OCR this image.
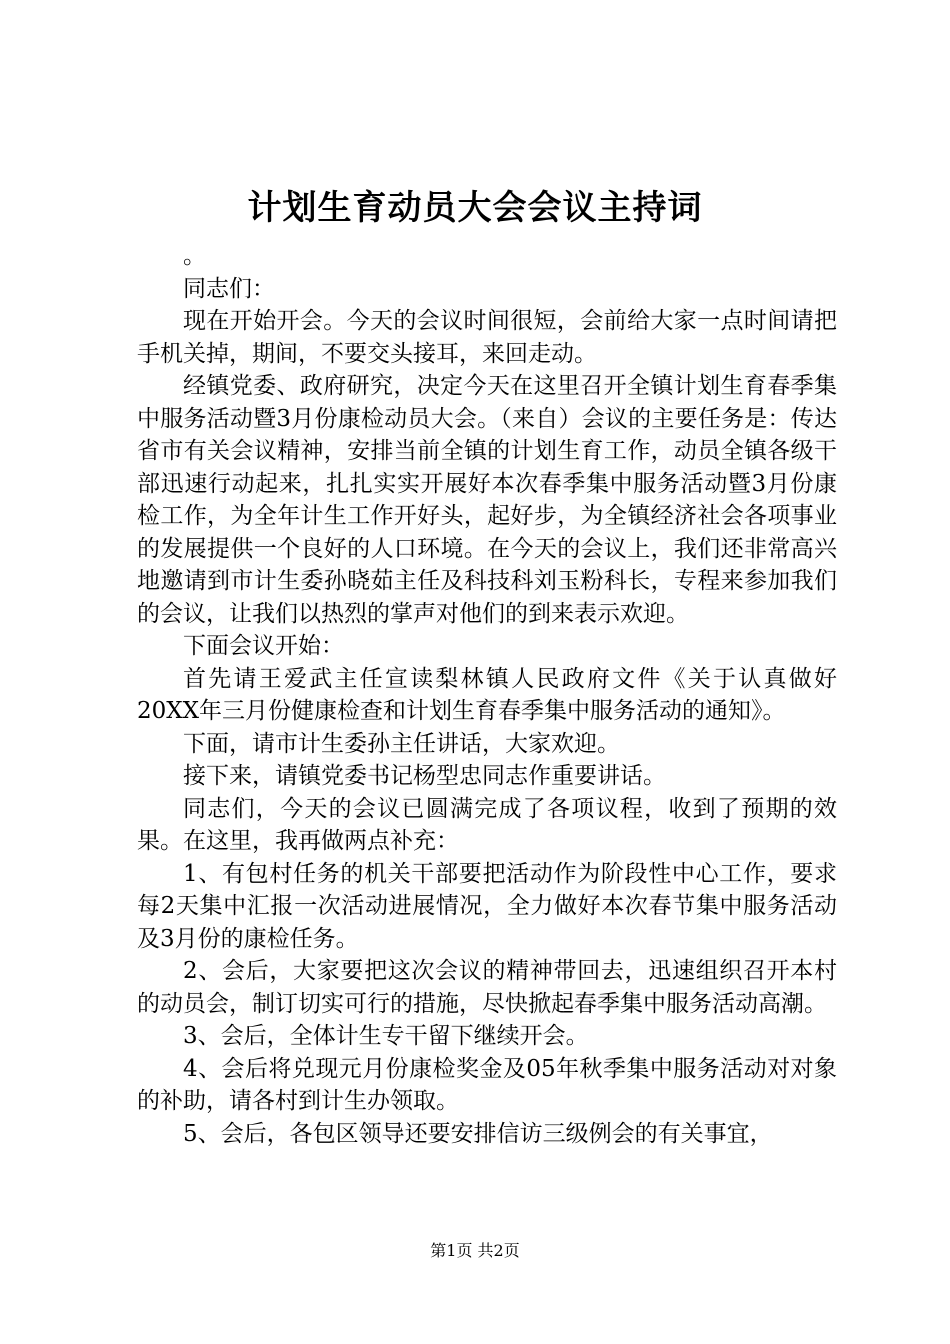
计划生育动员大会会议主持词

。

同志们：

现在开始开会。今天的会议时间很短，会前给大家一点时间请把手机关掉，期间，不要交头接耳，来回走动。

经镇党委、政府研究，决定今天在这里召开全镇计划生育春季集中服务活动暨3月份康检动员大会。（来自）会议的主要任务是：传达省市有关会议精神，安排当前全镇的计划生育工作，动员全镇各级干部迅速行动起来，扎扎实实开展好本次春季集中服务活动暨3月份康检工作，为全年计生工作开好头，起好步，为全镇经济社会各项事业的发展提供一个良好的人口环境。在今天的会议上，我们还非常高兴地邀请到市计生委孙晓茹主任及科技科刘玉粉科长，专程来参加我们的会议，让我们以热烈的掌声对他们的到来表示欢迎。

下面会议开始：

首先请王爱武主任宣读梨林镇人民政府文件《关于认真做好20XX年三月份健康检查和计划生育春季集中服务活动的通知》。

下面，请市计生委孙主任讲话，大家欢迎。

接下来，请镇党委书记杨型忠同志作重要讲话。

同志们，今天的会议已圆满完成了各项议程，收到了预期的效果。在这里，我再做两点补充：

1、有包村任务的机关干部要把活动作为阶段性中心工作，要求每2天集中汇报一次活动进展情况，全力做好本次春节集中服务活动及3月份的康检任务。

2、会后，大家要把这次会议的精神带回去，迅速组织召开本村的动员会，制订切实可行的措施，尽快掀起春季集中服务活动高潮。

3、会后，全体计生专干留下继续开会。

4、会后将兑现元月份康检奖金及05年秋季集中服务活动对对象的补助，请各村到计生办领取。

5、会后，各包区领导还要安排信访三级例会的有关事宜，

第1页 共2页
